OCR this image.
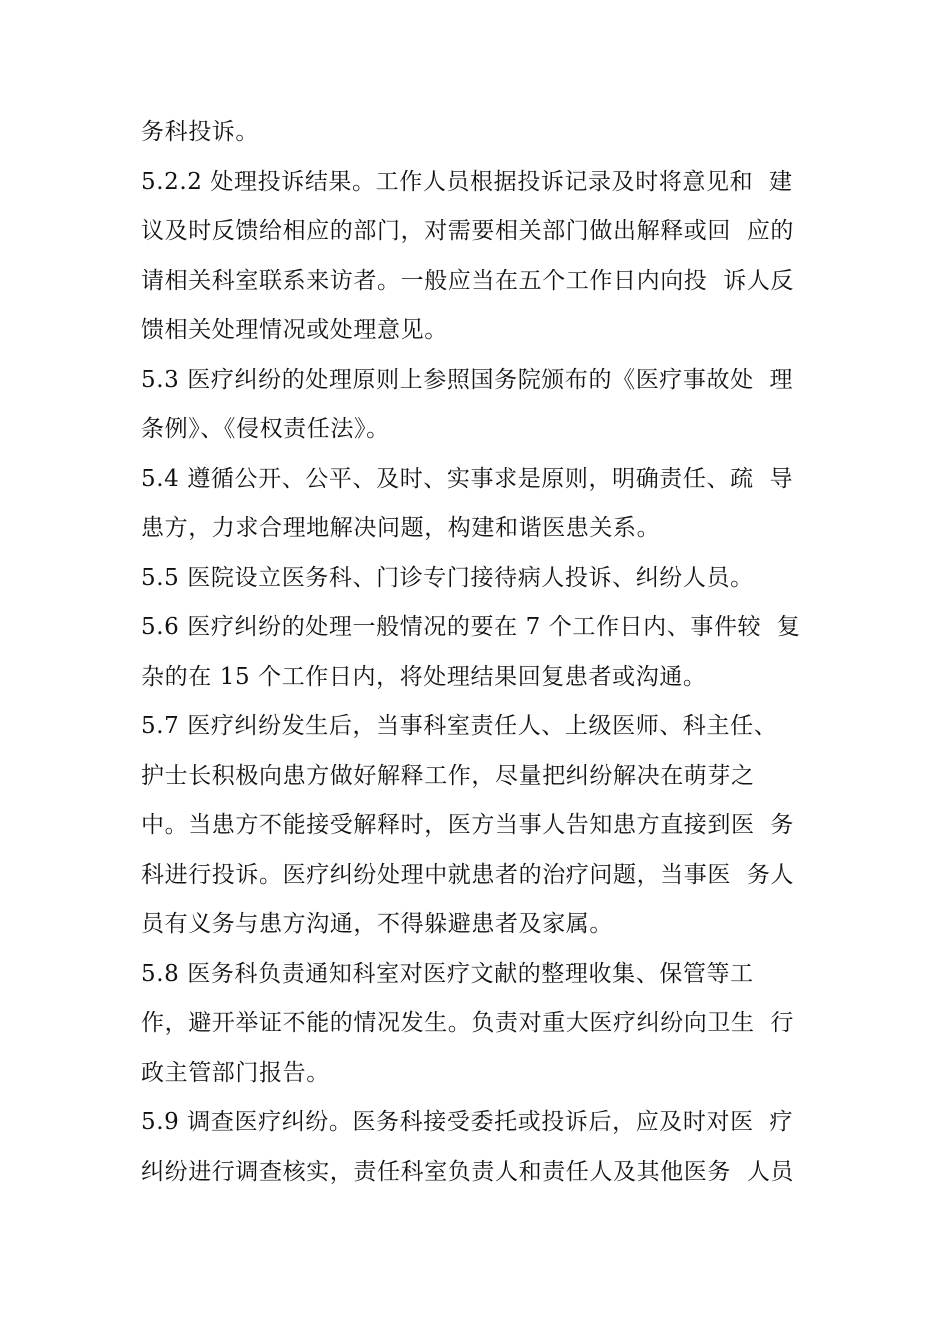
务科投诉。
5.2.2 处理投诉结果。工作人员根据投诉记录及时将意见和  建
议及时反馈给相应的部门，对需要相关部门做出解释或回  应的
请相关科室联系来访者。一般应当在五个工作日内向投  诉人反
馈相关处理情况或处理意见。
5.3 医疗纠纷的处理原则上参照国务院颁布的《医疗事故处  理
条例》、《侵权责任法》。
5.4 遵循公开、公平、及时、实事求是原则，明确责任、疏  导
患方，力求合理地解决问题，构建和谐医患关系。
5.5 医院设立医务科、门诊专门接待病人投诉、纠纷人员。
5.6 医疗纠纷的处理一般情况的要在 7 个工作日内、事件较  复
杂的在 15 个工作日内，将处理结果回复患者或沟通。
5.7 医疗纠纷发生后，当事科室责任人、上级医师、科主任、
护士长积极向患方做好解释工作，尽量把纠纷解决在萌芽之
中。当患方不能接受解释时，医方当事人告知患方直接到医  务
科进行投诉。医疗纠纷处理中就患者的治疗问题，当事医  务人
员有义务与患方沟通，不得躲避患者及家属。
5.8 医务科负责通知科室对医疗文献的整理收集、保管等工
作，避开举证不能的情况发生。负责对重大医疗纠纷向卫生  行
政主管部门报告。
5.9 调查医疗纠纷。医务科接受委托或投诉后，应及时对医  疗
纠纷进行调查核实，责任科室负责人和责任人及其他医务  人员
